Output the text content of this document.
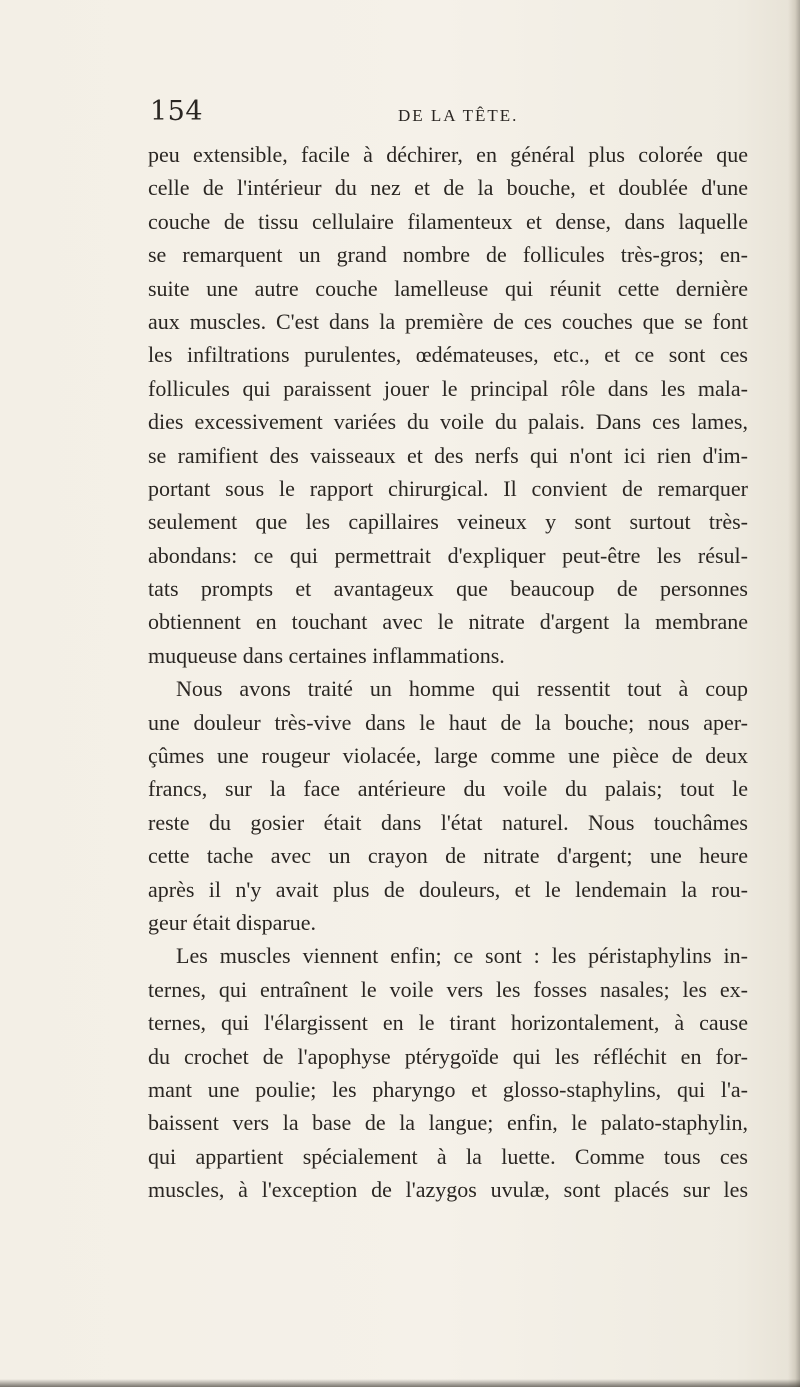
154	DE LA TÊTE.
peu extensible, facile à déchirer, en général plus colorée que
celle de l'intérieur du nez et de la bouche, et doublée d'une
couche de tissu cellulaire filamenteux et dense, dans laquelle
se remarquent un grand nombre de follicules très-gros; en-
suite une autre couche lamelleuse qui réunit cette dernière
aux muscles. C'est dans la première de ces couches que se font
les infiltrations purulentes, œdémateuses, etc., et ce sont ces
follicules qui paraissent jouer le principal rôle dans les mala-
dies excessivement variées du voile du palais. Dans ces lames,
se ramifient des vaisseaux et des nerfs qui n'ont ici rien d'im-
portant sous le rapport chirurgical. Il convient de remarquer
seulement que les capillaires veineux y sont surtout très-
abondans: ce qui permettrait d'expliquer peut-être les résul-
tats prompts et avantageux que beaucoup de personnes
obtiennent en touchant avec le nitrate d'argent la membrane
muqueuse dans certaines inflammations.
Nous avons traité un homme qui ressentit tout à coup
une douleur très-vive dans le haut de la bouche; nous aper-
çûmes une rougeur violacée, large comme une pièce de deux
francs, sur la face antérieure du voile du palais; tout le
reste du gosier était dans l'état naturel. Nous touchâmes
cette tache avec un crayon de nitrate d'argent; une heure
après il n'y avait plus de douleurs, et le lendemain la rou-
geur était disparue.
Les muscles viennent enfin; ce sont : les péristaphylins in-
ternes, qui entraînent le voile vers les fosses nasales; les ex-
ternes, qui l'élargissent en le tirant horizontalement, à cause
du crochet de l'apophyse ptérygoïde qui les réfléchit en for-
mant une poulie; les pharyngo et glosso-staphylins, qui l'a-
baissent vers la base de la langue; enfin, le palato-staphylin,
qui appartient spécialement à la luette. Comme tous ces
muscles, à l'exception de l'azygos uvulæ, sont placés sur les
